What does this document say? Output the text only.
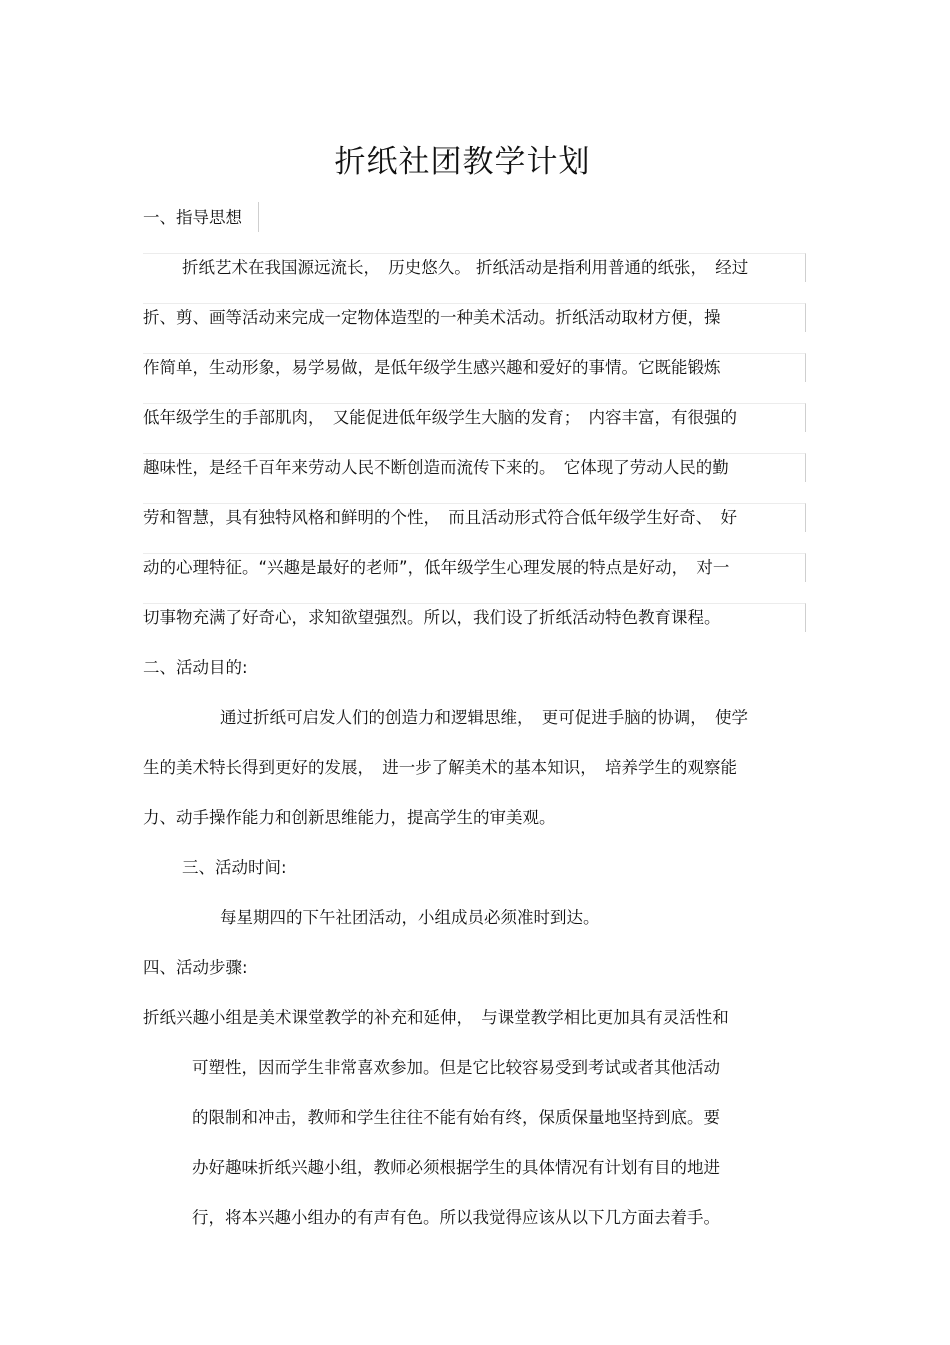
折纸社团教学计划
一、指导思想
折纸艺术在我国源远流长，　历史悠久。 折纸活动是指利用普通的纸张，　经过
折、剪、画等活动来完成一定物体造型的一种美术活动。折纸活动取材方便，操
作简单，生动形象，易学易做，是低年级学生感兴趣和爱好的事情。它既能锻炼
低年级学生的手部肌肉，　又能促进低年级学生大脑的发育；　内容丰富，有很强的
趣味性，是经千百年来劳动人民不断创造而流传下来的。　它体现了劳动人民的勤
劳和智慧，具有独特风格和鲜明的个性，　而且活动形式符合低年级学生好奇、　好
动的心理特征。“兴趣是最好的老师”，低年级学生心理发展的特点是好动，　对一
切事物充满了好奇心，求知欲望强烈。所以，我们设了折纸活动特色教育课程。
二、活动目的:
通过折纸可启发人们的创造力和逻辑思维，　更可促进手脑的协调，　使学
生的美术特长得到更好的发展，　进一步了解美术的基本知识，　培养学生的观察能
力、动手操作能力和创新思维能力，提高学生的审美观。
三、活动时间:
每星期四的下午社团活动，小组成员必须准时到达。
四、活动步骤:
折纸兴趣小组是美术课堂教学的补充和延伸，　与课堂教学相比更加具有灵活性和
可塑性，因而学生非常喜欢参加。但是它比较容易受到考试或者其他活动
的限制和冲击，教师和学生往往不能有始有终，保质保量地坚持到底。要
办好趣味折纸兴趣小组，教师必须根据学生的具体情况有计划有目的地进
行，将本兴趣小组办的有声有色。所以我觉得应该从以下几方面去着手。
